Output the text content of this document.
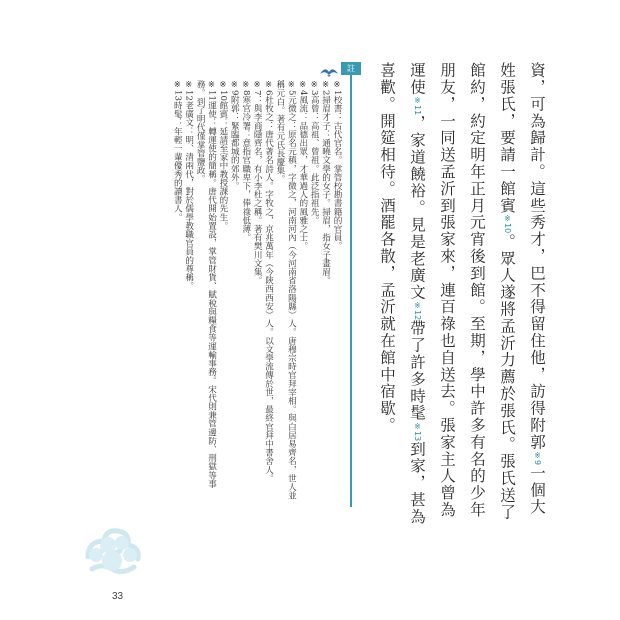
資，可為歸計。這些秀才，巴不得留住他，訪得附郭※9一個大姓張氏，要請一館賓※10。眾人遂將孟沂力薦於張氏。張氏送了館約，約定明年正月元宵後到館。至期，學中許多有名的少年朋友，一同送孟沂到張家來，連百祿也自送去。張家主人曾為運使※11，家道饒裕。見是老廣文※12帶了許多時髦※13到家，甚為喜歡。開筵相待。酒罷各散，孟沂就在館中宿歇。

註

※1校書：古代官名。掌管校勘書籍的官員。

※2掃眉才子：通曉文學的女子。掃眉，指女子畫眉。

※3高曾：高祖、曾祖。此泛指祖先。

※4風流：品德出眾，才華過人的風雅之士。

※5元微之：原名元稹，字微之，河南河內（今河南省洛陽縣）人。唐穆宗時官拜宰相。與白居易齊名，世人並稱元白。著有元氏長慶集。

※6杜牧之：唐代著名詩人。字牧之，京兆萬年（今陝西西安）人。以文學流傳於世，最終官拜中書舍人。

※7：與李商隱齊名，有小李杜之稱。著有樊川文集。

※8寒官冷署：意指官職卑下，俸祿低薄。

※9附郭：緊臨都城的郊外。

※10館賓：延請至家中教授課的先生。

※11運使：轉運使的簡稱。唐代開始置設，掌管財貨、賦稅與糧食等運輸事務。宋代則兼管邊防、刑獄等事務。到了明代僅掌管鹽政。

※12老廣文：明、清兩代，對於儒學教職官員的尊稱。

※13時髦：年輕一輩優秀的讀書人。

33
